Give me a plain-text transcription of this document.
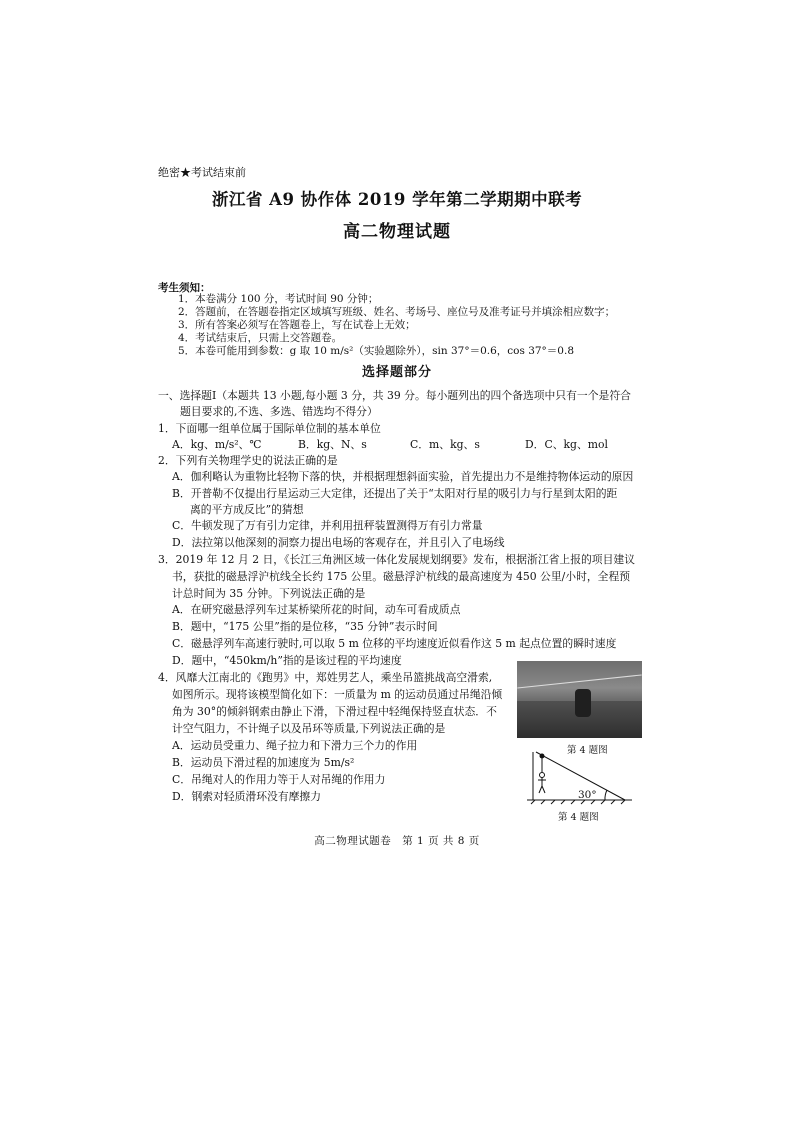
绝密★考试结束前
浙江省 A9 协作体 2019 学年第二学期期中联考
高二物理试题
考生须知：
1．本卷满分 100 分，考试时间 90 分钟；
2．答题前，在答题卷指定区域填写班级、姓名、考场号、座位号及准考证号并填涂相应数字；
3．所有答案必须写在答题卷上，写在试卷上无效；
4．考试结束后，只需上交答题卷。
5．本卷可能用到参数：g 取 10 m/s²（实验题除外），sin 37°＝0.6，cos 37°＝0.8
选择题部分
一、选择题Ⅰ（本题共 13 小题,每小题 3 分，共 39 分。每小题列出的四个备选项中只有一个是符合
题目要求的,不选、多选、错选均不得分）
1．下面哪一组单位属于国际单位制的基本单位
A．kg、m/s²、℃	B．kg、N、s	C．m、kg、s	D．C、kg、mol
2．下列有关物理学史的说法正确的是
A．伽利略认为重物比轻物下落的快，并根据理想斜面实验，首先提出力不是维持物体运动的原因
B．开普勒不仅提出行星运动三大定律，还提出了关于“太阳对行星的吸引力与行星到太阳的距
离的平方成反比”的猜想
C．牛顿发现了万有引力定律，并利用扭秤装置测得万有引力常量
D．法拉第以他深刻的洞察力提出电场的客观存在，并且引入了电场线
3．2019 年 12 月 2 日，《长江三角洲区域一体化发展规划纲要》发布，根据浙江省上报的项目建议
书，获批的磁悬浮沪杭线全长约 175 公里。磁悬浮沪杭线的最高速度为 450 公里/小时，全程预
计总时间为 35 分钟。下列说法正确的是
A．在研究磁悬浮列车过某桥梁所花的时间，动车可看成质点
B．题中，“175 公里”指的是位移，“35 分钟”表示时间
C．磁悬浮列车高速行驶时,可以取 5 m 位移的平均速度近似看作这 5 m 起点位置的瞬时速度
D．题中，“450km/h”指的是该过程的平均速度
4．风靡大江南北的《跑男》中，郑姓男艺人，乘坐吊篮挑战高空滑索,
如图所示。现将该模型简化如下：一质量为 m 的运动员通过吊绳沿倾
角为 30°的倾斜钢索由静止下滑，下滑过程中轻绳保持竖直状态．不
计空气阻力，不计绳子以及吊环等质量,下列说法正确的是
A．运动员受重力、绳子拉力和下滑力三个力的作用
B．运动员下滑过程的加速度为 5m/s²
C．吊绳对人的作用力等于人对吊绳的作用力
D．钢索对轻质滑环没有摩擦力
第 4 题图
30°
第 4 题图
高二物理试题卷　第 1 页 共 8 页
